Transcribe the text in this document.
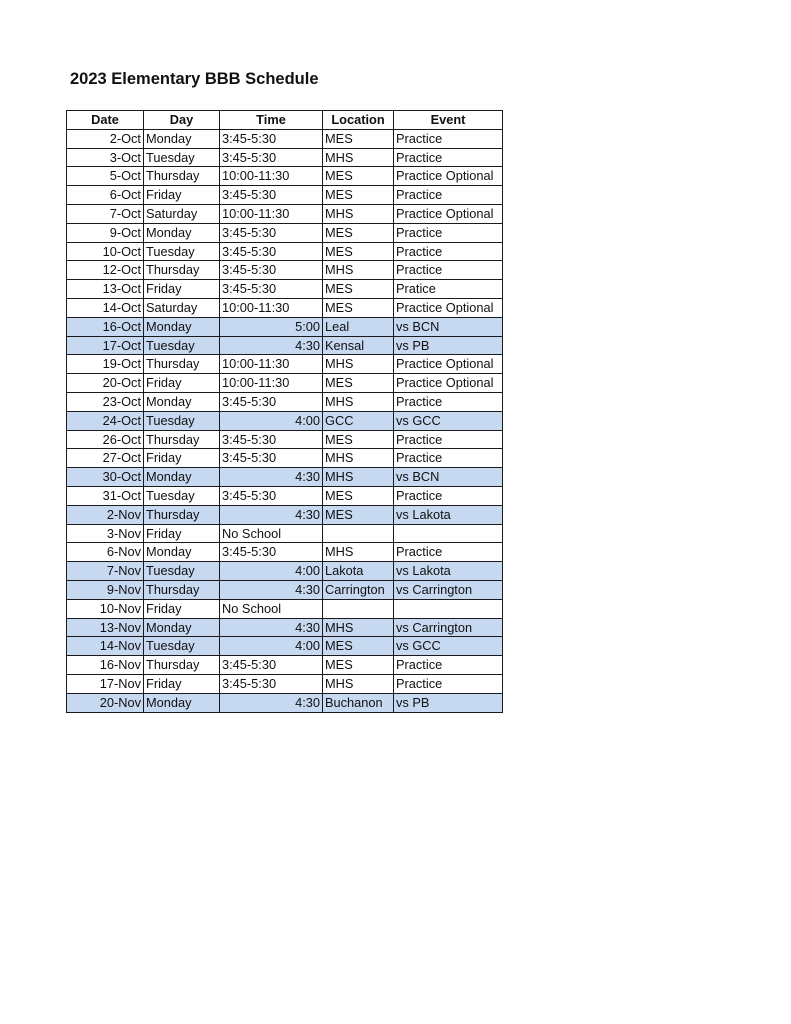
2023 Elementary BBB Schedule
Date	Day	Time	Location	Event
2-Oct	Monday	3:45-5:30	MES	Practice
3-Oct	Tuesday	3:45-5:30	MHS	Practice
5-Oct	Thursday	10:00-11:30	MES	Practice Optional
6-Oct	Friday	3:45-5:30	MES	Practice
7-Oct	Saturday	10:00-11:30	MHS	Practice Optional
9-Oct	Monday	3:45-5:30	MES	Practice
10-Oct	Tuesday	3:45-5:30	MES	Practice
12-Oct	Thursday	3:45-5:30	MHS	Practice
13-Oct	Friday	3:45-5:30	MES	Pratice
14-Oct	Saturday	10:00-11:30	MES	Practice Optional
16-Oct	Monday	5:00	Leal	vs BCN
17-Oct	Tuesday	4:30	Kensal	vs PB
19-Oct	Thursday	10:00-11:30	MHS	Practice Optional
20-Oct	Friday	10:00-11:30	MES	Practice Optional
23-Oct	Monday	3:45-5:30	MHS	Practice
24-Oct	Tuesday	4:00	GCC	vs GCC
26-Oct	Thursday	3:45-5:30	MES	Practice
27-Oct	Friday	3:45-5:30	MHS	Practice
30-Oct	Monday	4:30	MHS	vs BCN
31-Oct	Tuesday	3:45-5:30	MES	Practice
2-Nov	Thursday	4:30	MES	vs Lakota
3-Nov	Friday	No School		
6-Nov	Monday	3:45-5:30	MHS	Practice
7-Nov	Tuesday	4:00	Lakota	vs Lakota
9-Nov	Thursday	4:30	Carrington	vs Carrington
10-Nov	Friday	No School		
13-Nov	Monday	4:30	MHS	vs Carrington
14-Nov	Tuesday	4:00	MES	vs GCC
16-Nov	Thursday	3:45-5:30	MES	Practice
17-Nov	Friday	3:45-5:30	MHS	Practice
20-Nov	Monday	4:30	Buchanon	vs PB
